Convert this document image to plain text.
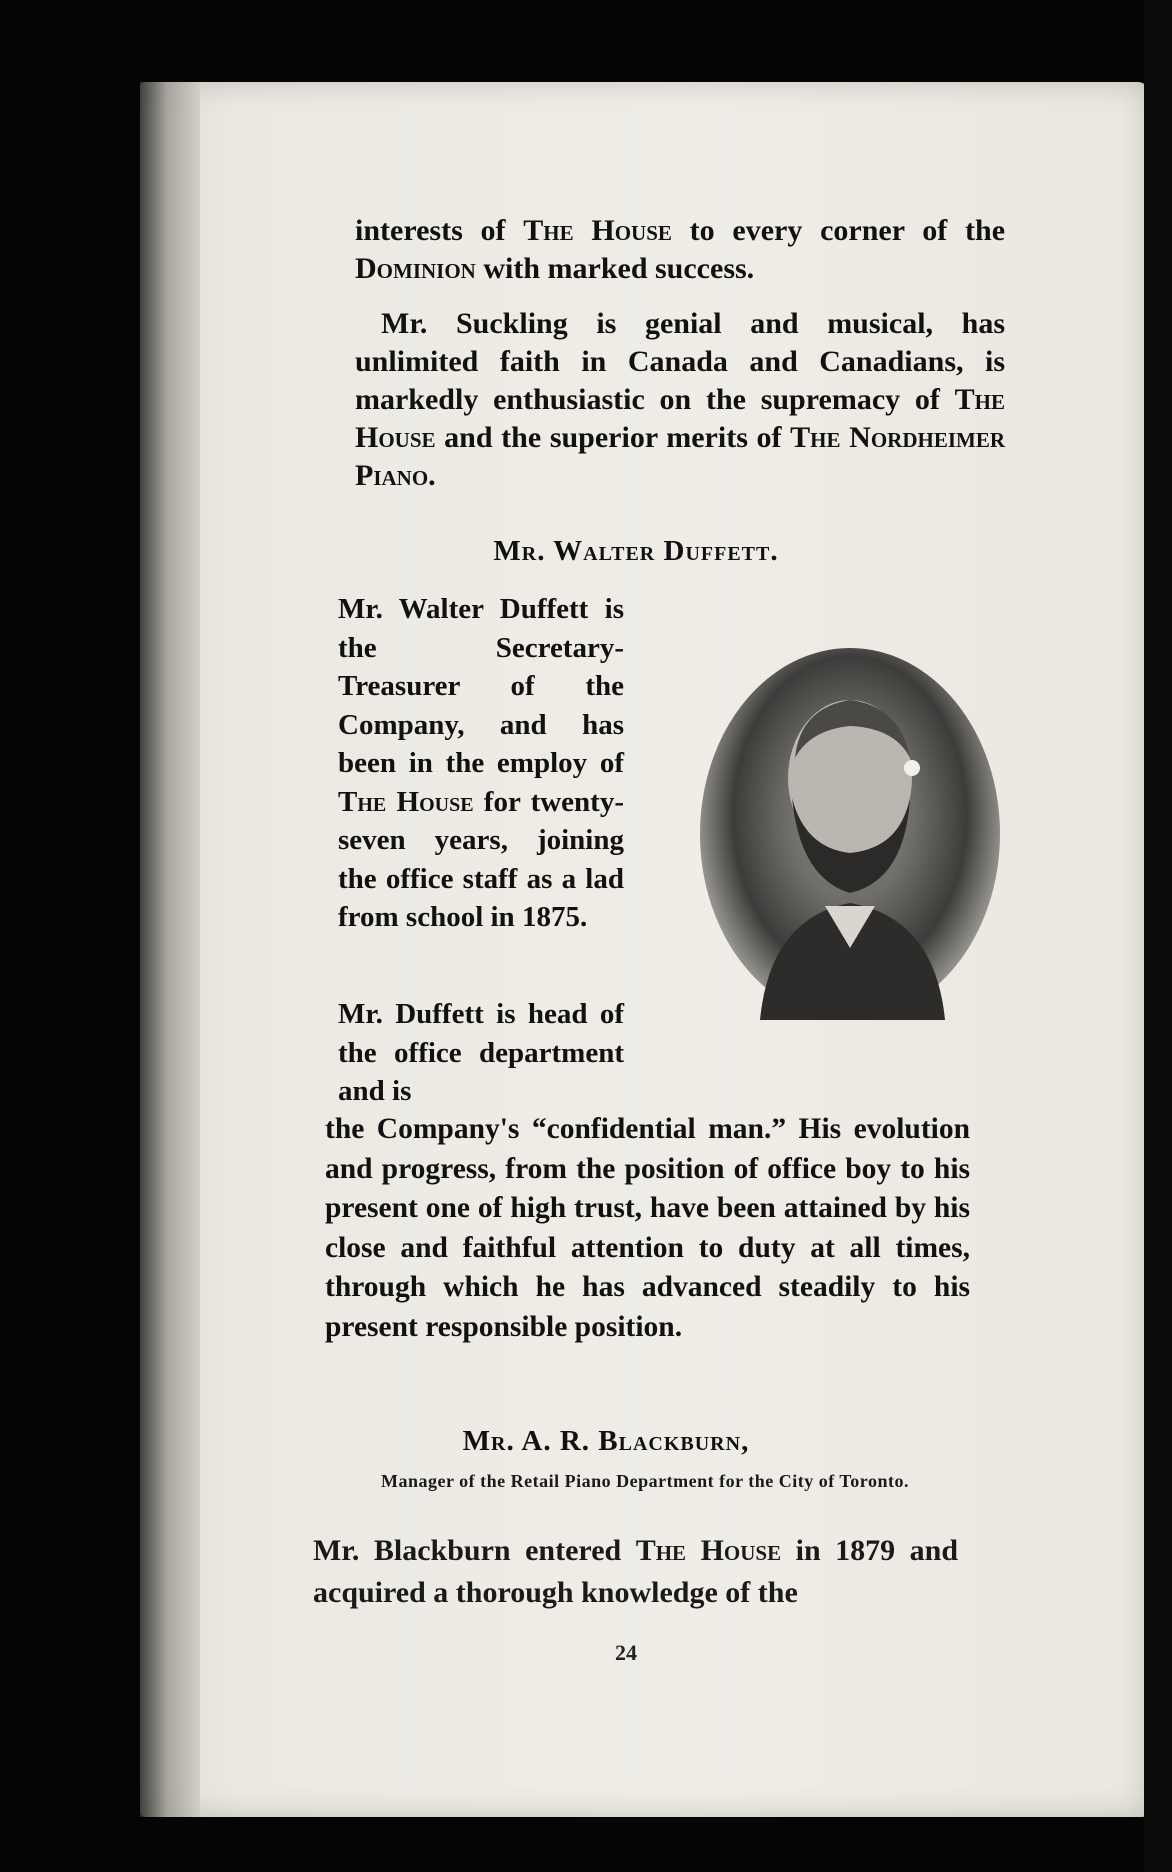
interests of The House to every corner of the Dominion with marked success.
Mr. Suckling is genial and musical, has unlimited faith in Canada and Canadians, is markedly enthusiastic on the supremacy of The House and the superior merits of The Nordheimer Piano.
Mr. Walter Duffett.
Mr. Walter Duffett is the Secretary-Treasurer of the Company, and has been in the employ of The House for twenty-seven years, joining the office staff as a lad from school in 1875.
Mr. Duffett is head of the office department and is
the Company's “confidential man.” His evolution and progress, from the position of office boy to his present one of high trust, have been attained by his close and faithful attention to duty at all times, through which he has advanced steadily to his present responsible position.
Mr. A. R. Blackburn,
Manager of the Retail Piano Department for the City of Toronto.
Mr. Blackburn entered The House in 1879 and acquired a thorough knowledge of the
24
